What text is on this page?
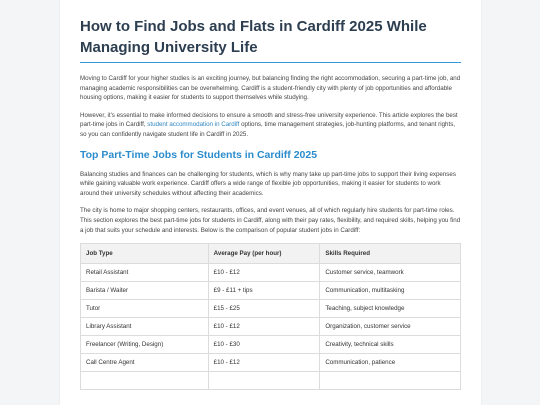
How to Find Jobs and Flats in Cardiff 2025 While Managing University Life

Moving to Cardiff for your higher studies is an exciting journey, but balancing finding the right accommodation, securing a part-time job, and managing academic responsibilities can be overwhelming. Cardiff is a student-friendly city with plenty of job opportunities and affordable housing options, making it easier for students to support themselves while studying.

However, it's essential to make informed decisions to ensure a smooth and stress-free university experience. This article explores the best part-time jobs in Cardiff, student accommodation in Cardiff options, time management strategies, job-hunting platforms, and tenant rights, so you can confidently navigate student life in Cardiff in 2025.

Top Part-Time Jobs for Students in Cardiff 2025

Balancing studies and finances can be challenging for students, which is why many take up part-time jobs to support their living expenses while gaining valuable work experience. Cardiff offers a wide range of flexible job opportunities, making it easier for students to work around their university schedules without affecting their academics.

The city is home to major shopping centers, restaurants, offices, and event venues, all of which regularly hire students for part-time roles. This section explores the best part-time jobs for students in Cardiff, along with their pay rates, flexibility, and required skills, helping you find a job that suits your schedule and interests. Below is the comparison of popular student jobs in Cardiff:

Job Type	Average Pay (per hour)	Skills Required
Retail Assistant	£10 - £12	Customer service, teamwork
Barista / Waiter	£9 - £11 + tips	Communication, multitasking
Tutor	£15 - £25	Teaching, subject knowledge
Library Assistant	£10 - £12	Organization, customer service
Freelancer (Writing, Design)	£10 - £30	Creativity, technical skills
Call Centre Agent	£10 - £12	Communication, patience
